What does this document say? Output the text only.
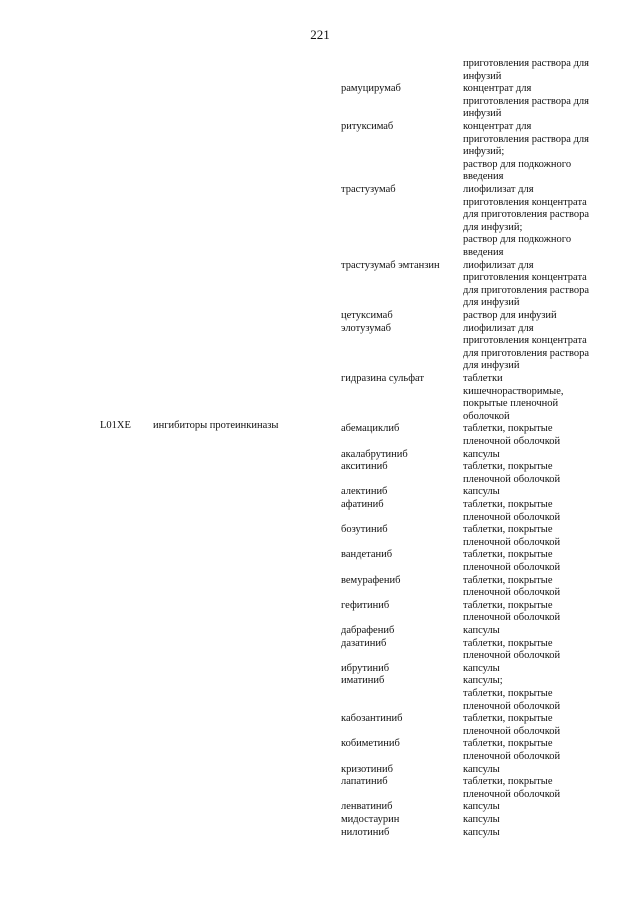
221
L01XE ингибиторы протеинкиназы
приготовления раствора для
инфузий
рамуцирумаб	концентрат для
приготовления раствора для
инфузий
ритуксимаб	концентрат для
приготовления раствора для
инфузий;
раствор для подкожного
введения
трастузумаб	лиофилизат для
приготовления концентрата
для приготовления раствора
для инфузий;
раствор для подкожного
введения
трастузумаб эмтанзин	лиофилизат для
приготовления концентрата
для приготовления раствора
для инфузий
цетуксимаб	раствор для инфузий
элотузумаб	лиофилизат для
приготовления концентрата
для приготовления раствора
для инфузий
гидразина сульфат	таблетки
кишечнорастворимые,
покрытые пленочной
оболочкой
абемациклиб	таблетки, покрытые
пленочной оболочкой
акалабрутиниб	капсулы
акситиниб	таблетки, покрытые
пленочной оболочкой
алектиниб	капсулы
афатиниб	таблетки, покрытые
пленочной оболочкой
бозутиниб	таблетки, покрытые
пленочной оболочкой
вандетаниб	таблетки, покрытые
пленочной оболочкой
вемурафениб	таблетки, покрытые
пленочной оболочкой
гефитиниб	таблетки, покрытые
пленочной оболочкой
дабрафениб	капсулы
дазатиниб	таблетки, покрытые
пленочной оболочкой
ибрутиниб	капсулы
иматиниб	капсулы;
таблетки, покрытые
пленочной оболочкой
кабозантиниб	таблетки, покрытые
пленочной оболочкой
кобиметиниб	таблетки, покрытые
пленочной оболочкой
кризотиниб	капсулы
лапатиниб	таблетки, покрытые
пленочной оболочкой
ленватиниб	капсулы
мидостаурин	капсулы
нилотиниб	капсулы
